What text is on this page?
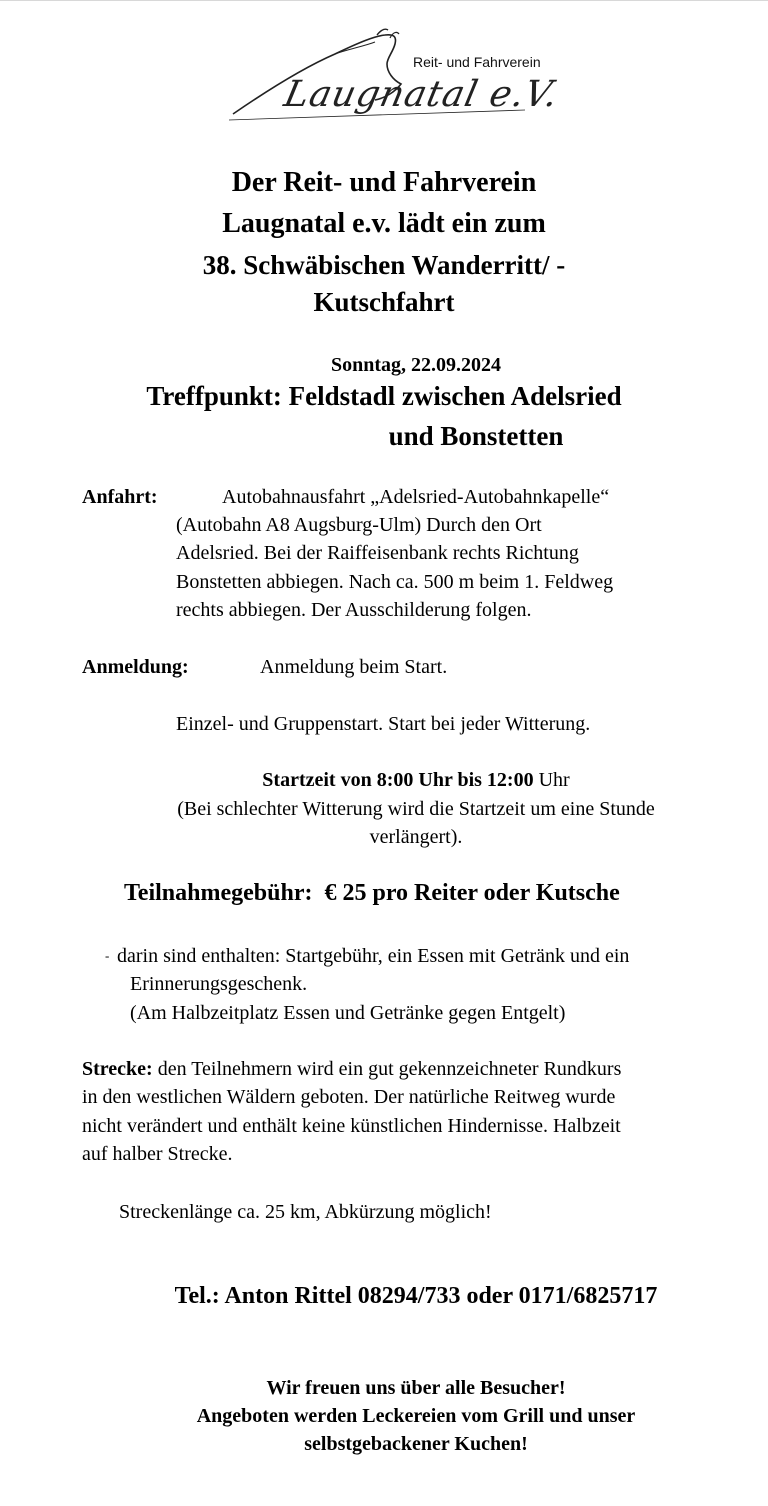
Reit- und Fahrverein
Laugnatal e.V.
Der Reit- und Fahrverein
Laugnatal e.v. lädt ein zum
38. Schwäbischen Wanderritt/ -
Kutschfahrt
Sonntag, 22.09.2024
Treffpunkt: Feldstadl zwischen Adelsried
und Bonstetten
Anfahrt:	Autobahnausfahrt „Adelsried-Autobahnkapelle“
(Autobahn A8 Augsburg-Ulm) Durch den Ort
Adelsried. Bei der Raiffeisenbank rechts Richtung
Bonstetten abbiegen. Nach ca. 500 m beim 1. Feldweg
rechts abbiegen. Der Ausschilderung folgen.
Anmeldung:	Anmeldung beim Start.
Einzel- und Gruppenstart. Start bei jeder Witterung.
Startzeit von 8:00 Uhr bis 12:00 Uhr
(Bei schlechter Witterung wird die Startzeit um eine Stunde
verlängert).
Teilnahmegebühr: € 25 pro Reiter oder Kutsche
- darin sind enthalten: Startgebühr, ein Essen mit Getränk und ein
Erinnerungsgeschenk.
(Am Halbzeitplatz Essen und Getränke gegen Entgelt)
Strecke: den Teilnehmern wird ein gut gekennzeichneter Rundkurs
in den westlichen Wäldern geboten. Der natürliche Reitweg wurde
nicht verändert und enthält keine künstlichen Hindernisse. Halbzeit
auf halber Strecke.
Streckenlänge ca. 25 km, Abkürzung möglich!
Tel.: Anton Rittel 08294/733 oder 0171/6825717
Wir freuen uns über alle Besucher!
Angeboten werden Leckereien vom Grill und unser
selbstgebackener Kuchen!
